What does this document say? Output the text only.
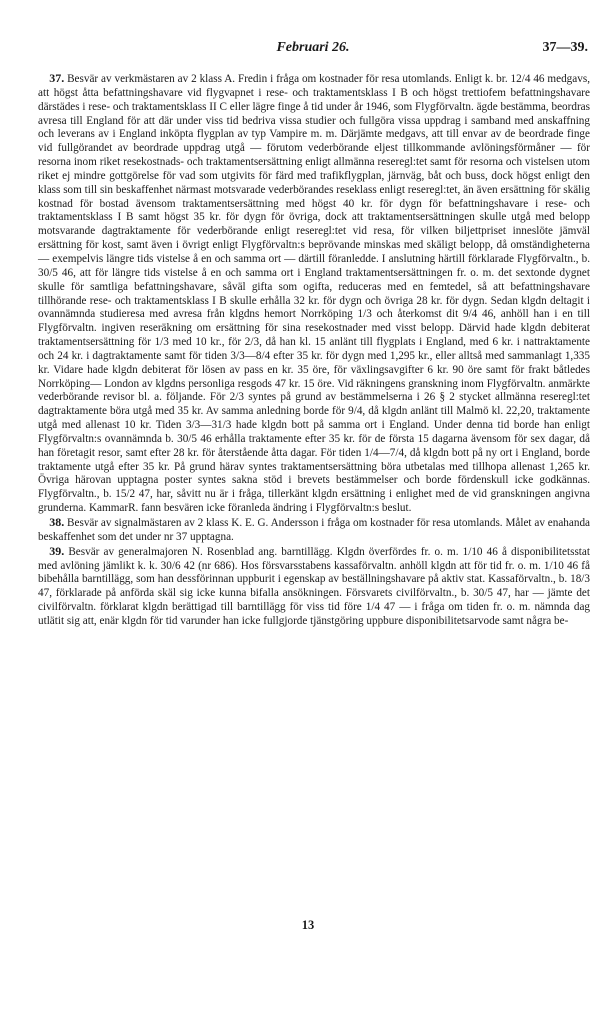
Februari 26.	37—39.

 37. Besvär av verkmästaren av 2 klass A. Fredin i fråga om kostnader för resa utomlands. Enligt k. br. 12/4 46 medgavs, att högst åtta befattningshavare vid flygvapnet i rese- och traktamentsklass I B och högst trettiofem befattningshavare därstädes i rese- och traktamentsklass II C eller lägre finge å tid under år 1946, som Flygförvaltn. ägde bestämma, beordras avresa till England för att där under viss tid bedriva vissa studier och fullgöra vissa uppdrag i samband med anskaffning och leverans av i England inköpta flygplan av typ Vampire m. m. Därjämte medgavs, att till envar av de beordrade finge vid fullgörandet av beordrade uppdrag utgå — förutom vederbörande eljest tillkommande avlöningsförmåner — för resorna inom riket resekostnads- och traktamentsersättning enligt allmänna reseregl:tet samt för resorna och vistelsen utom riket ej mindre gottgörelse för vad som utgivits för färd med trafikflygplan, järnväg, båt och buss, dock högst enligt den klass som till sin beskaffenhet närmast motsvarade vederbörandes reseklass enligt reseregl:tet, än även ersättning för skälig kostnad för bostad ävensom traktamentsersättning med högst 40 kr. för dygn för befattningshavare i rese- och traktamentsklass I B samt högst 35 kr. för dygn för övriga, dock att traktamentsersättningen skulle utgå med belopp motsvarande dagtraktamente för vederbörande enligt reseregl:tet vid resa, för vilken biljettpriset inneslöte jämväl ersättning för kost, samt även i övrigt enligt Flygförvaltn:s beprövande minskas med skäligt belopp, då omständigheterna — exempelvis längre tids vistelse å en och samma ort — därtill föranledde. I anslutning härtill förklarade Flygförvaltn., b. 30/5 46, att för längre tids vistelse å en och samma ort i England traktamentsersättningen fr. o. m. det sextonde dygnet skulle för samtliga befattningshavare, såväl gifta som ogifta, reduceras med en femtedel, så att befattningshavare tillhörande rese- och traktamentsklass I B skulle erhålla 32 kr. för dygn och övriga 28 kr. för dygn. Sedan klgdn deltagit i ovannämnda studieresa med avresa från klgdns hemort Norrköping 1/3 och återkomst dit 9/4 46, anhöll han i en till Flygförvaltn. ingiven reseräkning om ersättning för sina resekostnader med visst belopp. Därvid hade klgdn debiterat traktamentsersättning för 1/3 med 10 kr., för 2/3, då han kl. 15 anlänt till flygplats i England, med 6 kr. i nattraktamente och 24 kr. i dagtraktamente samt för tiden 3/3—8/4 efter 35 kr. för dygn med 1,295 kr., eller alltså med sammanlagt 1,335 kr. Vidare hade klgdn debiterat för lösen av pass en kr. 35 öre, för växlingsavgifter 6 kr. 90 öre samt för frakt båtledes Norrköping— London av klgdns personliga resgods 47 kr. 15 öre. Vid räkningens granskning inom Flygförvaltn. anmärkte vederbörande revisor bl. a. följande. För 2/3 syntes på grund av bestämmelserna i 26 § 2 stycket allmänna reseregl:tet dagtraktamente böra utgå med 35 kr. Av samma anledning borde för 9/4, då klgdn anlänt till Malmö kl. 22,20, traktamente utgå med allenast 10 kr. Tiden 3/3—31/3 hade klgdn bott på samma ort i England. Under denna tid borde han enligt Flygförvaltn:s ovannämnda b. 30/5 46 erhålla traktamente efter 35 kr. för de första 15 dagarna ävensom för sex dagar, då han företagit resor, samt efter 28 kr. för återstående åtta dagar. För tiden 1/4—7/4, då klgdn bott på ny ort i England, borde traktamente utgå efter 35 kr. På grund härav syntes traktamentsersättning böra utbetalas med tillhopa allenast 1,265 kr. Övriga härovan upptagna poster syntes sakna stöd i brevets bestämmelser och borde fördenskull icke godkännas. Flygförvaltn., b. 15/2 47, har, såvitt nu är i fråga, tillerkänt klgdn ersättning i enlighet med de vid granskningen angivna grunderna. KammarR. fann besvären icke föranleda ändring i Flygförvaltn:s beslut.

 38. Besvär av signalmästaren av 2 klass K. E. G. Andersson i fråga om kostnader för resa utomlands. Målet av enahanda beskaffenhet som det under nr 37 upptagna.

 39. Besvär av generalmajoren N. Rosenblad ang. barntillägg. Klgdn överfördes fr. o. m. 1/10 46 å disponibilitetsstat med avlöning jämlikt k. k. 30/6 42 (nr 686). Hos försvarsstabens kassaförvaltn. anhöll klgdn att för tid fr. o. m. 1/10 46 få bibehålla barntillägg, som han dessförinnan uppburit i egenskap av beställningshavare på aktiv stat. Kassaförvaltn., b. 18/3 47, förklarade på anförda skäl sig icke kunna bifalla ansökningen. Försvarets civilförvaltn., b. 30/5 47, har — jämte det civilförvaltn. förklarat klgdn berättigad till barntillägg för viss tid före 1/4 47 — i fråga om tiden fr. o. m. nämnda dag utlätit sig att, enär klgdn för tid varunder han icke fullgjorde tjänstgöring uppbure disponibilitetsarvode samt några be-

13
